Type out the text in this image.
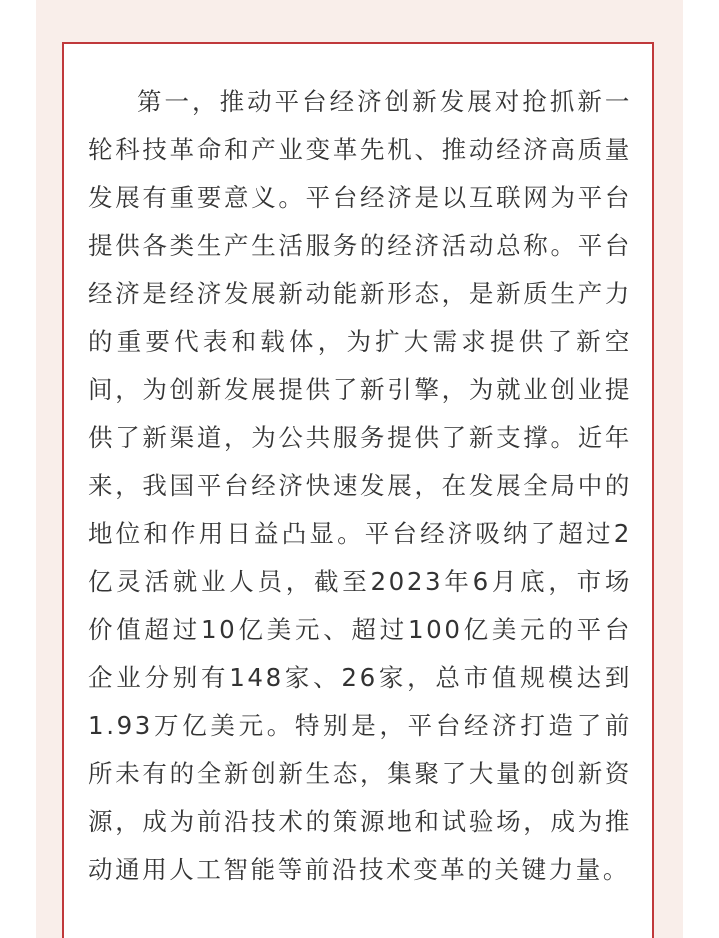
第一，推动平台经济创新发展对抢抓新一轮科技革命和产业变革先机、推动经济高质量发展有重要意义。平台经济是以互联网为平台提供各类生产生活服务的经济活动总称。平台经济是经济发展新动能新形态，是新质生产力的重要代表和载体，为扩大需求提供了新空间，为创新发展提供了新引擎，为就业创业提供了新渠道，为公共服务提供了新支撑。近年来，我国平台经济快速发展，在发展全局中的地位和作用日益凸显。平台经济吸纳了超过2亿灵活就业人员，截至2023年6月底，市场价值超过10亿美元、超过100亿美元的平台企业分别有148家、26家，总市值规模达到1.93万亿美元。特别是，平台经济打造了前所未有的全新创新生态，集聚了大量的创新资源，成为前沿技术的策源地和试验场，成为推动通用人工智能等前沿技术变革的关键力量。
